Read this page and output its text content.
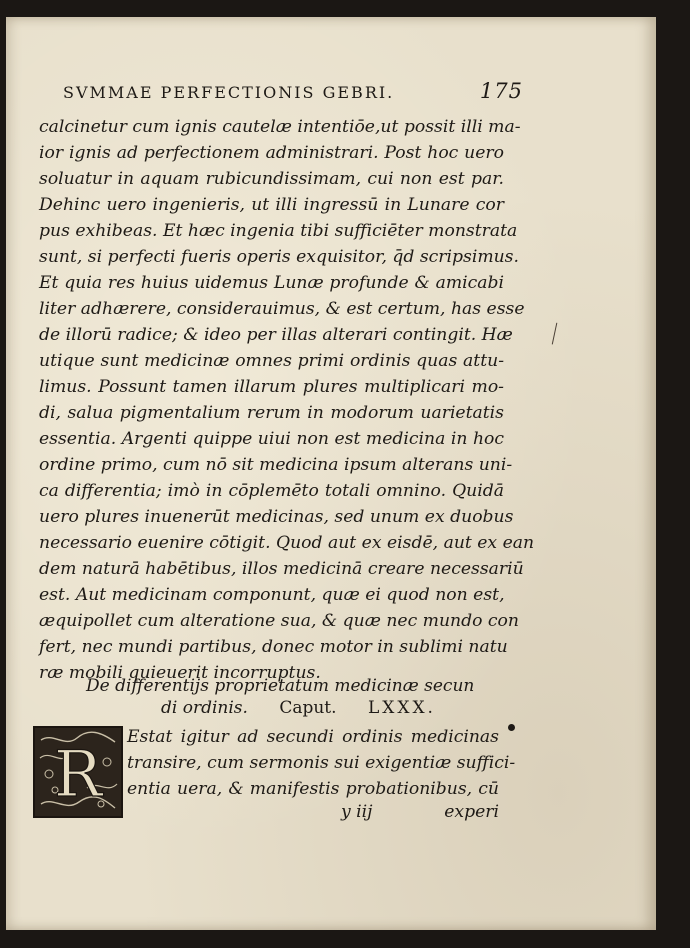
SVMMAE PERFECTIONIS GEBRI.	175
calcinetur cum ignis cautelæ intentiōe,ut possit illi ma-
ior ignis ad perfectionem administrari. Post hoc uero
soluatur in aquam rubicundissimam, cui non est par.
Dehinc uero ingenieris, ut illi ingressū in Lunare cor
pus exhibeas. Et hæc ingenia tibi sufficiēter monstrata
sunt, si perfecti fueris operis exquisitor, q̄d scripsimus.
Et quia res huius uidemus Lunæ profunde & amicabi
liter adhærere, considerauimus, & est certum, has esse
de illorū radice; & ideo per illas alterari contingit. Hæ
utique sunt medicinæ omnes primi ordinis quas attu-
limus. Possunt tamen illarum plures multiplicari mo-
di, salua pigmentalium rerum in modorum uarietatis
essentia. Argenti quippe uiui non est medicina in hoc
ordine primo, cum nō sit medicina ipsum alterans uni-
ca differentia; imò in cōplemēto totali omnino. Quidā
uero plures inuenerūt medicinas, sed unum ex duobus
necessario euenire cōtigit. Quod aut ex eisdē, aut ex ean
dem naturā habētibus, illos medicinā creare necessariū
est. Aut medicinam componunt, quæ ei quod non est,
æquipollet cum alteratione sua, & quæ nec mundo con
fert, nec mundi partibus, donec motor in sublimi natu
ræ mobili quieuerit incorruptus.
De differentijs proprietatum medicinæ secun
di ordinis. Caput. LXXX.
R
Estat igitur ad secundi ordinis medicinas
transire, cum sermonis sui exigentiæ suffici-
entia uera, & manifestis probationibus, cū
y iij	experi
